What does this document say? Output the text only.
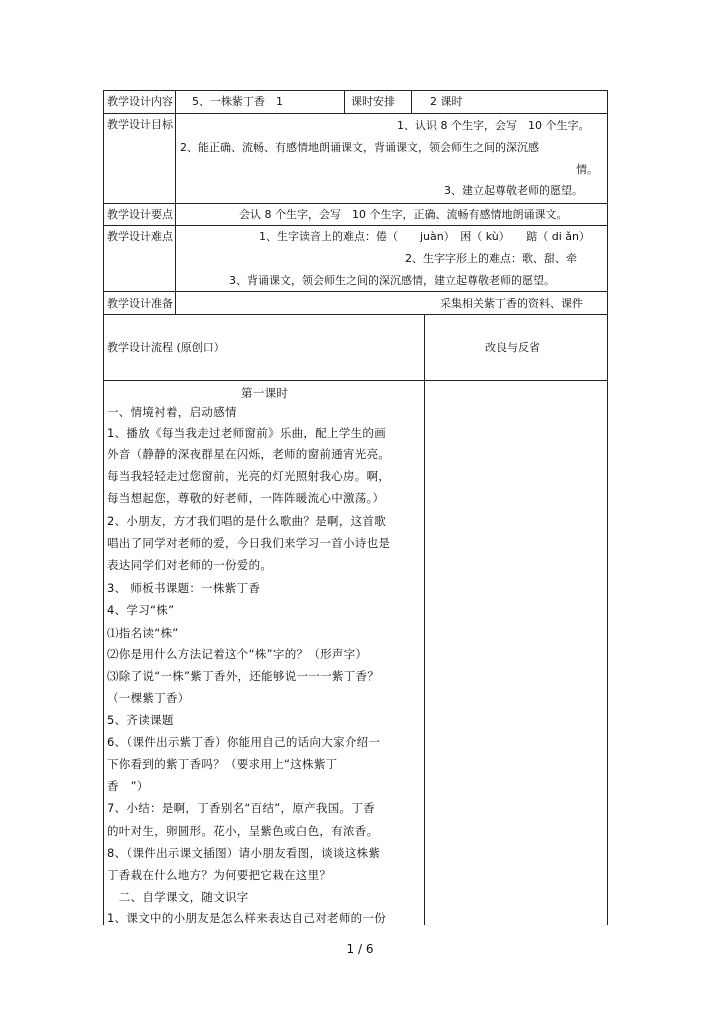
教学设计内容 5、一株紫丁香　1	课时安排	2 课时
教学设计目标	1、认识 8 个生字，会写　10 个生字。
2、能正确、流畅、有感情地朗诵课文，背诵课文，领会师生之间的深沉感
情。
3、建立起尊敬老师的愿望。
教学设计要点	会认 8 个生字，会写　10 个生字，正确、流畅有感情地朗诵课文。
教学设计难点	1、生字读音上的难点：倦（　　juàn）　困（ kù）　　踮（ di ǎn）
2、生字字形上的难点：歌、甜、牵
3、背诵课文，领会师生之间的深沉感情，建立起尊敬老师的愿望。
教学设计准备	采集相关紫丁香的资料、课件
教学设计流程 (原创口）	改良与反省
第一课时
一、情境衬着，启动感情
1、播放《每当我走过老师窗前》乐曲，配上学生的画
外音（静静的深夜群星在闪烁，老师的窗前通宵光亮。
每当我轻轻走过您窗前，光亮的灯光照射我心房。啊，
每当想起您，尊敬的好老师，一阵阵暖流心中激荡。）
2、小朋友，方才我们唱的是什么歌曲？是啊，这首歌
唱出了同学对老师的爱，今日我们来学习一首小诗也是
表达同学们对老师的一份爱的。
3、 师板书课题：一株紫丁香
4、学习“株”
⑴指名读“株”
⑵你是用什么方法记着这个“株”字的？（形声字）
⑶除了说“一株”紫丁香外，还能够说一一一紫丁香？
（一棵紫丁香）
5、齐读课题
6、（课件出示紫丁香）你能用自己的话向大家介绍一
下你看到的紫丁香吗？（要求用上“这株紫丁
香　”）
7、小结：是啊，丁香别名“百结”，原产我国。丁香
的叶对生，卵圆形。花小，呈紫色或白色，有浓香。
8、（课件出示课文插图）请小朋友看图，谈谈这株紫
丁香栽在什么地方？为何要把它栽在这里？
　二、自学课文，随文识字
1、课文中的小朋友是怎么样来表达自己对老师的一份
1 / 6
